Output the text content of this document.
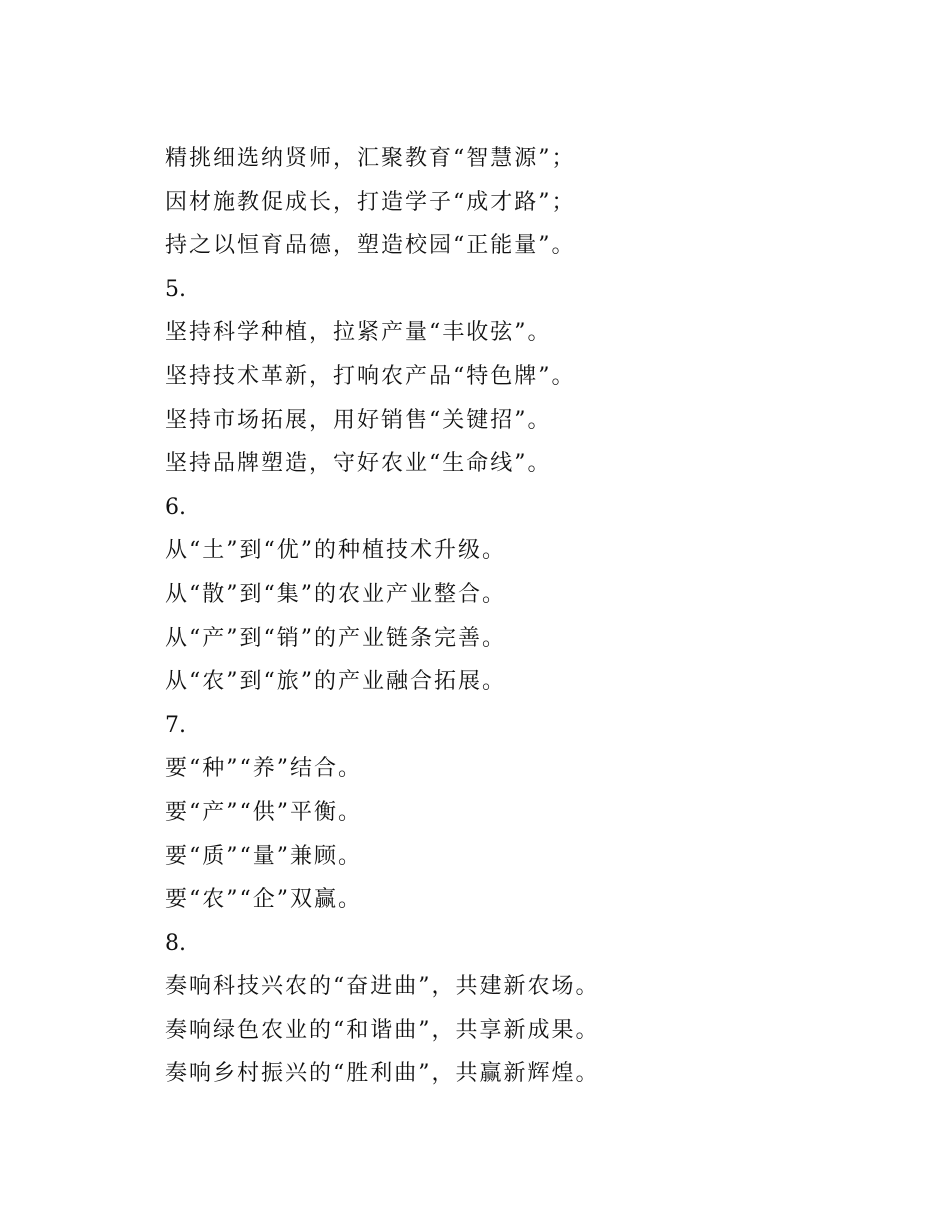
精挑细选纳贤师，汇聚教育“智慧源”；
因材施教促成长，打造学子“成才路”；
持之以恒育品德，塑造校园“正能量”。
5.
坚持科学种植，拉紧产量“丰收弦”。
坚持技术革新，打响农产品“特色牌”。
坚持市场拓展，用好销售“关键招”。
坚持品牌塑造，守好农业“生命线”。
6.
从“土”到“优”的种植技术升级。
从“散”到“集”的农业产业整合。
从“产”到“销”的产业链条完善。
从“农”到“旅”的产业融合拓展。
7.
要“种”“养”结合。
要“产”“供”平衡。
要“质”“量”兼顾。
要“农”“企”双赢。
8.
奏响科技兴农的“奋进曲”，共建新农场。
奏响绿色农业的“和谐曲”，共享新成果。
奏响乡村振兴的“胜利曲”，共赢新辉煌。
